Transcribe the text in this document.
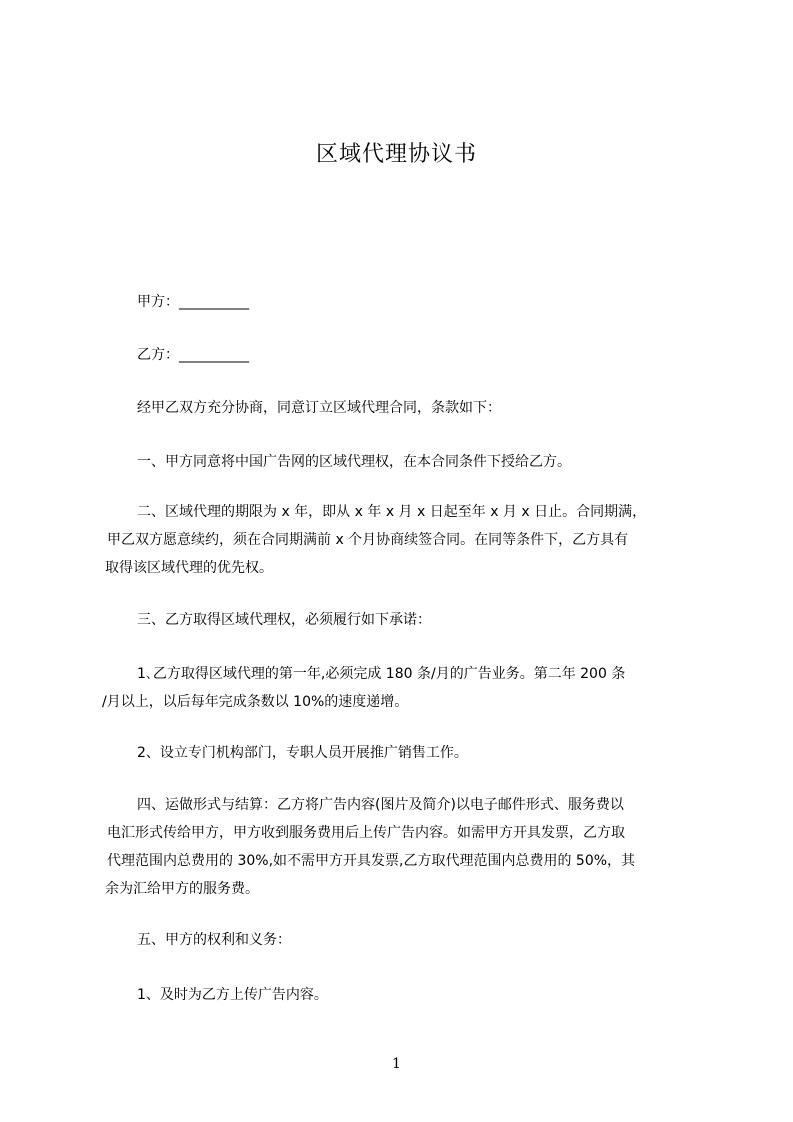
区域代理协议书
甲方：__________
乙方：__________
经甲乙双方充分协商，同意订立区域代理合同，条款如下：
一、甲方同意将中国广告网的区域代理权，在本合同条件下授给乙方。
二、区域代理的期限为 x 年，即从 x 年 x 月 x 日起至年 x 月 x 日止。合同期满，
甲乙双方愿意续约，须在合同期满前 x 个月协商续签合同。在同等条件下，乙方具有
取得该区域代理的优先权。
三、乙方取得区域代理权，必须履行如下承诺：
1､乙方取得区域代理的第一年,必须完成 180 条/月的广告业务。第二年 200 条
/月以上，以后每年完成条数以 10%的速度递增。
2、设立专门机构部门，专职人员开展推广销售工作。
四、运做形式与结算：乙方将广告内容(图片及简介)以电子邮件形式、服务费以
电汇形式传给甲方，甲方收到服务费用后上传广告内容。如需甲方开具发票，乙方取
代理范围内总费用的 30%,如不需甲方开具发票,乙方取代理范围内总费用的 50%，其
余为汇给甲方的服务费。
五、甲方的权利和义务：
1、及时为乙方上传广告内容。
1
